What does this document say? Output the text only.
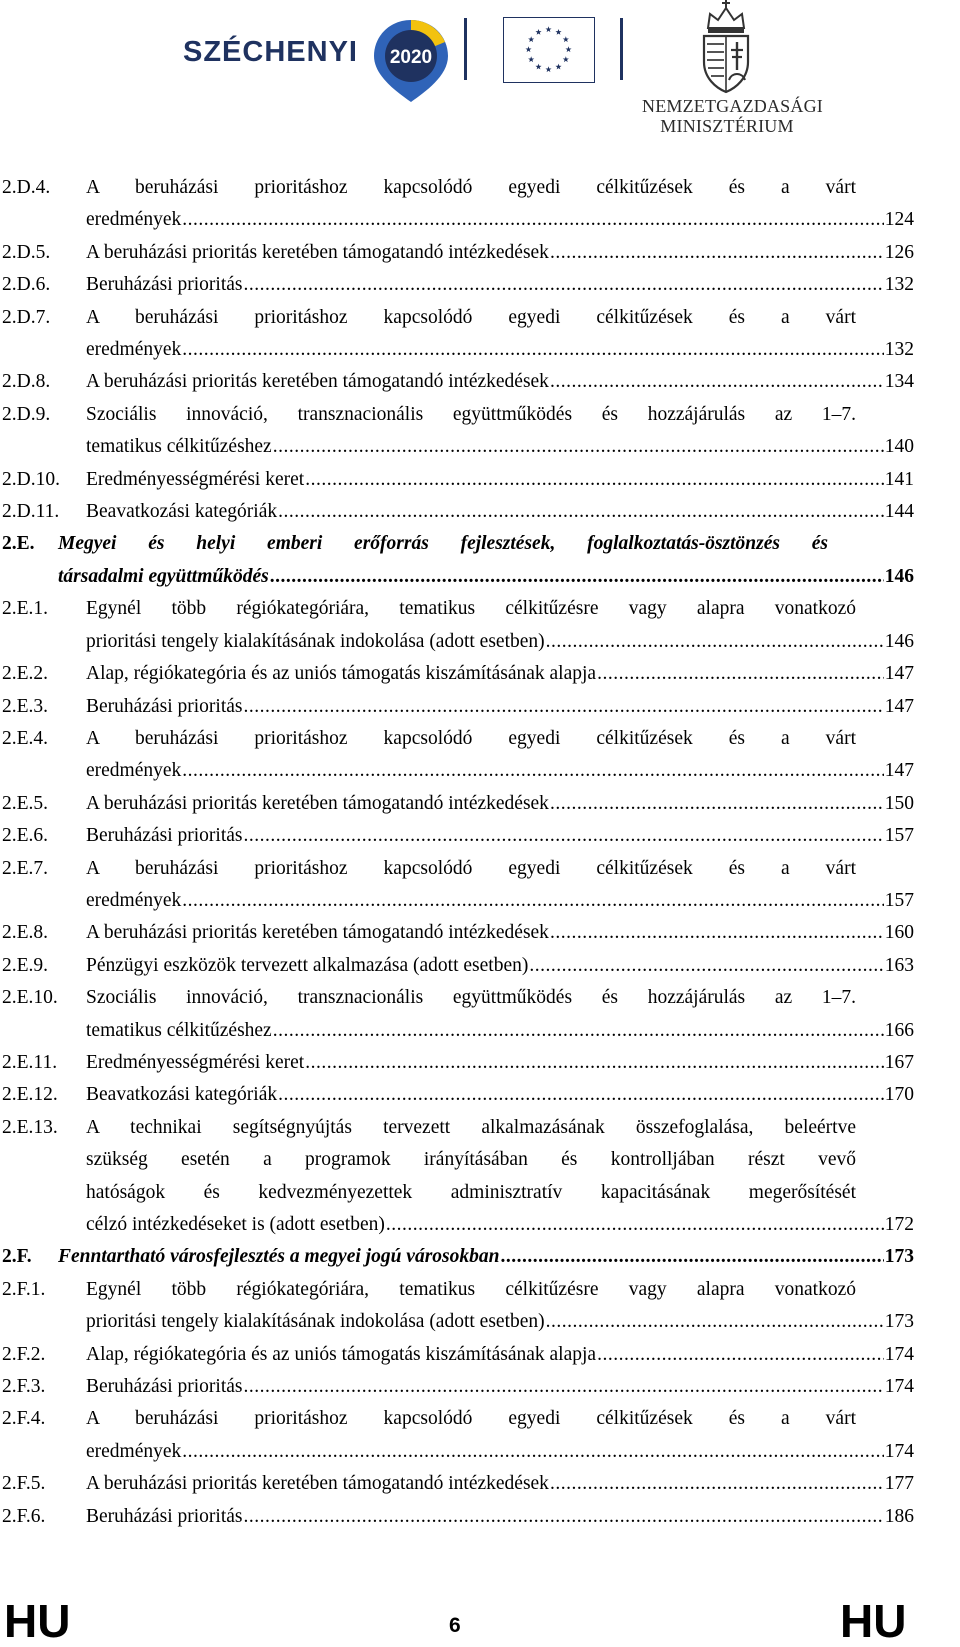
SZÉCHENYI 2020
NEMZETGAZDASÁGI
MINISZTÉRIUM
2.D.4. A beruházási prioritáshoz kapcsolódó egyedi célkitűzések és a várt
eredmények .....	124
2.D.5. A beruházási prioritás keretében támogatandó intézkedések .....	126
2.D.6. Beruházási prioritás .....	132
2.D.7. A beruházási prioritáshoz kapcsolódó egyedi célkitűzések és a várt
eredmények .....	132
2.D.8. A beruházási prioritás keretében támogatandó intézkedések .....	134
2.D.9. Szociális innováció, transznacionális együttműködés és hozzájárulás az 1–7.
tematikus célkitűzéshez .....	140
2.D.10. Eredményességmérési keret .....	141
2.D.11. Beavatkozási kategóriák .....	144
2.E. Megyei és helyi emberi erőforrás fejlesztések, foglalkoztatás-ösztönzés és
társadalmi együttműködés .....	146
2.E.1. Egynél több régiókategóriára, tematikus célkitűzésre vagy alapra vonatkozó
prioritási tengely kialakításának indokolása (adott esetben) .....	146
2.E.2. Alap, régiókategória és az uniós támogatás kiszámításának alapja .....	147
2.E.3. Beruházási prioritás .....	147
2.E.4. A beruházási prioritáshoz kapcsolódó egyedi célkitűzések és a várt
eredmények .....	147
2.E.5. A beruházási prioritás keretében támogatandó intézkedések .....	150
2.E.6. Beruházási prioritás .....	157
2.E.7. A beruházási prioritáshoz kapcsolódó egyedi célkitűzések és a várt
eredmények .....	157
2.E.8. A beruházási prioritás keretében támogatandó intézkedések .....	160
2.E.9. Pénzügyi eszközök tervezett alkalmazása (adott esetben) .....	163
2.E.10. Szociális innováció, transznacionális együttműködés és hozzájárulás az 1–7.
tematikus célkitűzéshez .....	166
2.E.11. Eredményességmérési keret .....	167
2.E.12. Beavatkozási kategóriák .....	170
2.E.13. A technikai segítségnyújtás tervezett alkalmazásának összefoglalása, beleértve
szükség esetén a programok irányításában és kontrolljában részt vevő
hatóságok és kedvezményezettek adminisztratív kapacitásának megerősítését
célzó intézkedéseket is (adott esetben) .....	172
2.F. Fenntartható városfejlesztés a megyei jogú városokban .....	173
2.F.1. Egynél több régiókategóriára, tematikus célkitűzésre vagy alapra vonatkozó
prioritási tengely kialakításának indokolása (adott esetben) .....	173
2.F.2. Alap, régiókategória és az uniós támogatás kiszámításának alapja .....	174
2.F.3. Beruházási prioritás .....	174
2.F.4. A beruházási prioritáshoz kapcsolódó egyedi célkitűzések és a várt
eredmények .....	174
2.F.5. A beruházási prioritás keretében támogatandó intézkedések .....	177
2.F.6. Beruházási prioritás .....	186
HU	6	HU
